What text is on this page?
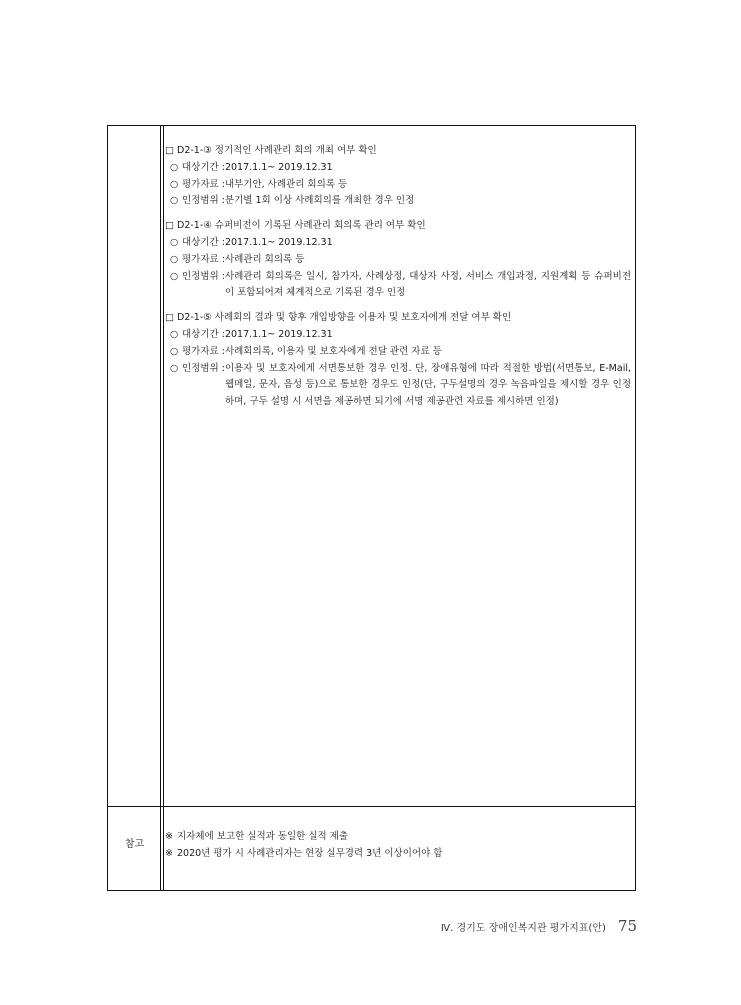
□ D2-1-③ 정기적인 사례관리 회의 개최 여부 확인
○ 대상기간 : 2017.1.1~ 2019.12.31
○ 평가자료 : 내부기안, 사례관리 회의록 등
○ 인정범위 : 분기별 1회 이상 사례회의를 개최한 경우 인정
□ D2-1-④ 슈퍼비전이 기록된 사례관리 회의록 관리 여부 확인
○ 대상기간 : 2017.1.1~ 2019.12.31
○ 평가자료 : 사례관리 회의록 등
○ 인정범위 : 사례관리 회의록은 일시, 참가자, 사례상정, 대상자 사정, 서비스 개입과정, 지원계획 등 슈퍼비전이 포함되어져 체계적으로 기록된 경우 인정
□ D2-1-⑤ 사례회의 결과 및 향후 개입방향을 이용자 및 보호자에게 전달 여부 확인
○ 대상기간 : 2017.1.1~ 2019.12.31
○ 평가자료 : 사례회의록, 이용자 및 보호자에게 전달 관련 자료 등
○ 인정범위 : 이용자 및 보호자에게 서면통보한 경우 인정. 단, 장애유형에 따라 적절한 방법(서면통보, E-Mail, 웹메일, 문자, 음성 등)으로 통보한 경우도 인정(단, 구두설명의 경우 녹음파일을 제시할 경우 인정하며, 구두 설명 시 서면을 제공하면 되기에 서명 제공관련 자료를 제시하면 인정)
참고
※ 지자체에 보고한 실적과 동일한 실적 제출
※ 2020년 평가 시 사례관리자는 현장 실무경력 3년 이상이어야 함
Ⅳ. 경기도 장애인복지관 평가지표(안) 75
